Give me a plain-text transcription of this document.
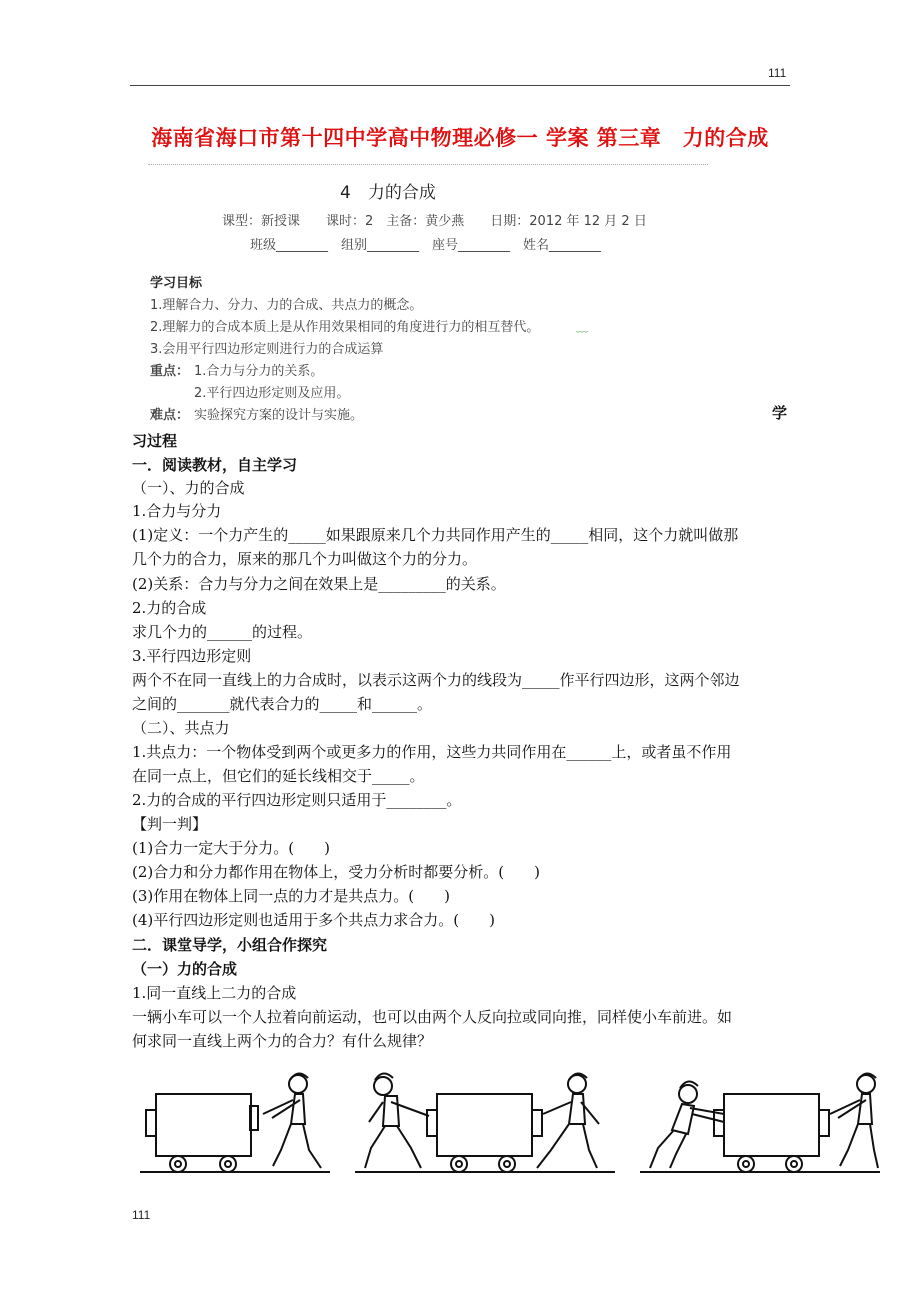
111
海南省海口市第十四中学高中物理必修一 学案 第三章　力的合成
4　力的合成
课型：新授课　　课时：2　主备：黄少燕　　日期：2012 年 12 月 2 日
班级________　组别________　座号________　姓名________
学习目标
1.理解合力、分力、力的合成、共点力的概念。
2.理解力的合成本质上是从作用效果相同的角度进行力的相互替代。	﹏
3.会用平行四边形定则进行力的合成运算
重点： 1.合力与分力的关系。
2.平行四边形定则及应用。
难点： 实验探究方案的设计与实施。	学
习过程
一．阅读教材，自主学习
（一）、力的合成
1.合力与分力
(1)定义：一个力产生的_____如果跟原来几个力共同作用产生的_____相同，这个力就叫做那
几个力的合力，原来的那几个力叫做这个力的分力。
(2)关系：合力与分力之间在效果上是_________的关系。
2.力的合成
求几个力的______的过程。
3.平行四边形定则
两个不在同一直线上的力合成时，以表示这两个力的线段为_____作平行四边形，这两个邻边
之间的_______就代表合力的_____和______。
（二）、共点力
1.共点力：一个物体受到两个或更多力的作用，这些力共同作用在______上，或者虽不作用
在同一点上，但它们的延长线相交于_____。
2.力的合成的平行四边形定则只适用于________。
【判一判】
(1)合力一定大于分力。(　　)
(2)合力和分力都作用在物体上，受力分析时都要分析。(　　)
(3)作用在物体上同一点的力才是共点力。(　　)
(4)平行四边形定则也适用于多个共点力求合力。(　　)
二．课堂导学，小组合作探究
（一）力的合成
1.同一直线上二力的合成
一辆小车可以一个人拉着向前运动，也可以由两个人反向拉或同向推，同样使小车前进。如
何求同一直线上两个力的合力？有什么规律？
111
